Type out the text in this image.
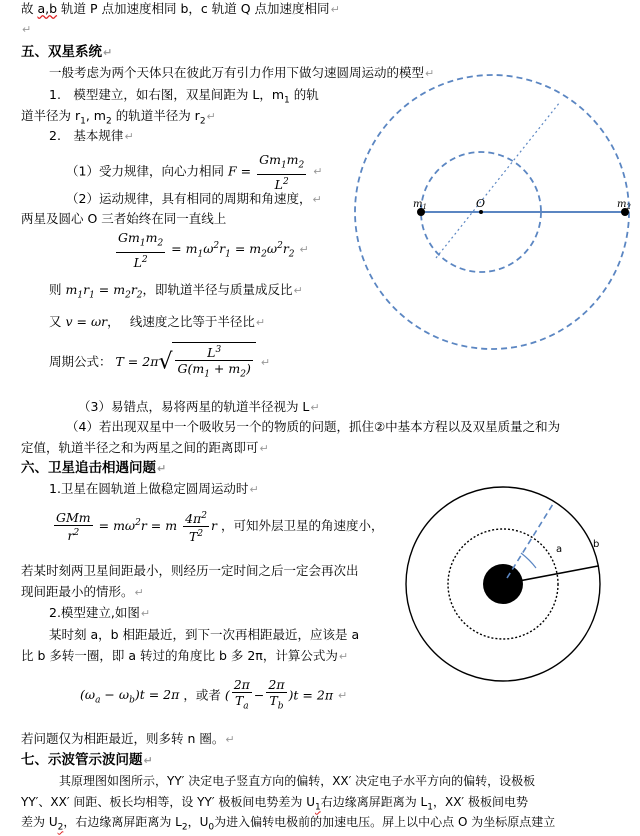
故 a,b 轨道 P 点加速度相同 b，c 轨道 Q 点加速度相同↵
↵
五、双星系统↵
一般考虑为两个天体只在彼此万有引力作用下做匀速圆周运动的模型↵
1.　模型建立，如右图，双星间距为 L，$m_1$ 的轨
道半径为 $r_1$, $m_2$ 的轨道半径为 $r_2↵$
2.　基本规律↵
（1）受力规律，向心力相同 $F = \frac{Gm_1m_2}{L^2}$ ↵
（2）运动规律，具有相同的周期和角速度，↵
两星及圆心 O 三者始终在同一直线上
$\frac{Gm_1m_2}{L^2} = m_1\omega^2r_1 = m_2\omega^2r_2$ ↵
则 $m_1r_1 = m_2r_2$，即轨道半径与质量成反比↵
又 v = ωr，　 线速度之比等于半径比↵
周期公式： $T = 2\pi√ \frac{L^3}{G(m_1 + m_2)}$ ↵
（3）易错点，易将两星的轨道半径视为 L↵
（4）若出现双星中一个吸收另一个的物质的问题，抓住②中基本方程以及双星质量之和为
定值，轨道半径之和为两星之间的距离即可↵
六、卫星追击相遇问题↵
1.卫星在圆轨道上做稳定圆周运动时↵
$\frac{\text{GMm}}{r^2} = m\omega^2r = m \frac{4\pi^2}{T^2}$ r ，可知外层卫星的角速度小，
若某时刻两卫星间距最小，则经历一定时间之后一定会再次出
现间距最小的情形。↵
2.模型建立,如图↵
某时刻 a，b 相距最近，到下一次再相距最近，应该是 a
比 b 多转一圈，即 a 转过的角度比 b 多 2π，计算公式为↵
$(\omega_a - \omega_b)t = 2\pi$ ，或者 ( $\frac{2\pi}{T_a} - \frac{2\pi}{T_b} )t = 2\pi$ ↵
若问题仅为相距最近，则多转 n 圈。↵
七、示波管示波问题↵
其原理图如图所示，YY′ 决定电子竖直方向的偏转，XX′ 决定电子水平方向的偏转，设极板
YY′、XX′ 间距、板长均相等，设 YY′ 极板间电势差为 $U_1$右边缘离屏距离为 $L_1$，XX′ 极板间电势
差为 $U_2$，右边缘离屏距离为 $L_2$，$U_0$为进入偏转电极前的加速电压。屏上以中心点 O 为坐标原点建立
$m_1$	O	$m_2$
a	b
